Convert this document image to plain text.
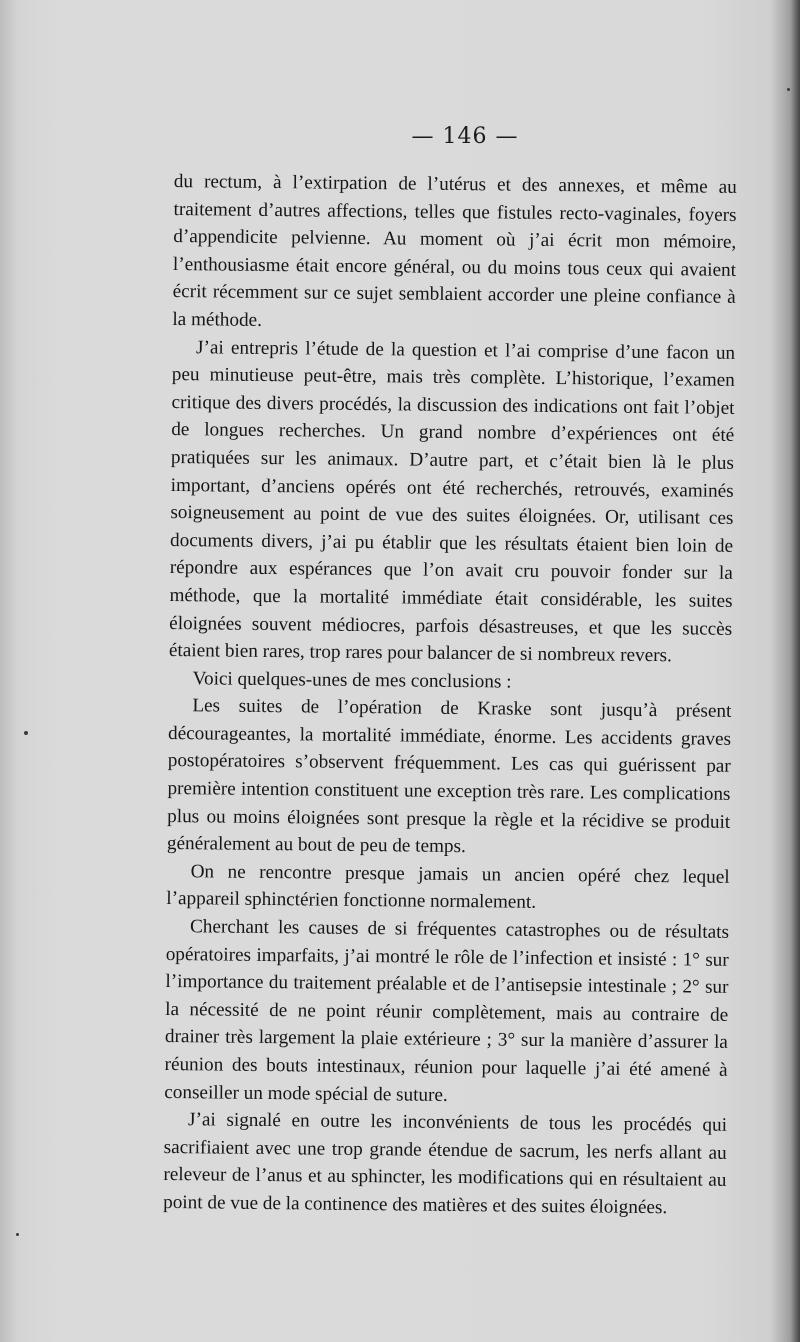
— 146 —

du rectum, à l’extirpation de l’utérus et des annexes, et même au traitement d’autres affections, telles que fistules recto-vaginales, foyers d’appendicite pelvienne. Au moment où j’ai écrit mon mémoire, l’enthousiasme était encore général, ou du moins tous ceux qui avaient écrit récemment sur ce sujet semblaient accorder une pleine confiance à la méthode.

J’ai entrepris l’étude de la question et l’ai comprise d’une facon un peu minutieuse peut-être, mais très complète. L’historique, l’examen critique des divers procédés, la discussion des indications ont fait l’objet de longues recherches. Un grand nombre d’expériences ont été pratiquées sur les animaux. D’autre part, et c’était bien là le plus important, d’anciens opérés ont été recherchés, retrouvés, examinés soigneusement au point de vue des suites éloignées. Or, utilisant ces documents divers, j’ai pu établir que les résultats étaient bien loin de répondre aux espérances que l’on avait cru pouvoir fonder sur la méthode, que la mortalité immédiate était considérable, les suites éloignées souvent médiocres, parfois désastreuses, et que les succès étaient bien rares, trop rares pour balancer de si nombreux revers.

Voici quelques-unes de mes conclusions :

Les suites de l’opération de Kraske sont jusqu’à présent décourageantes, la mortalité immédiate, énorme. Les accidents graves postopératoires s’observent fréquemment. Les cas qui guérissent par première intention constituent une exception très rare. Les complications plus ou moins éloignées sont presque la règle et la récidive se produit généralement au bout de peu de temps.

On ne rencontre presque jamais un ancien opéré chez lequel l’appareil sphinctérien fonctionne normalement.

Cherchant les causes de si fréquentes catastrophes ou de résultats opératoires imparfaits, j’ai montré le rôle de l’infection et insisté : 1° sur l’importance du traitement préalable et de l’antisepsie intestinale ; 2° sur la nécessité de ne point réunir complètement, mais au contraire de drainer très largement la plaie extérieure ; 3° sur la manière d’assurer la réunion des bouts intestinaux, réunion pour laquelle j’ai été amené à conseiller un mode spécial de suture.

J’ai signalé en outre les inconvénients de tous les procédés qui sacrifiaient avec une trop grande étendue de sacrum, les nerfs allant au releveur de l’anus et au sphincter, les modifications qui en résultaient au point de vue de la continence des matières et des suites éloignées.
